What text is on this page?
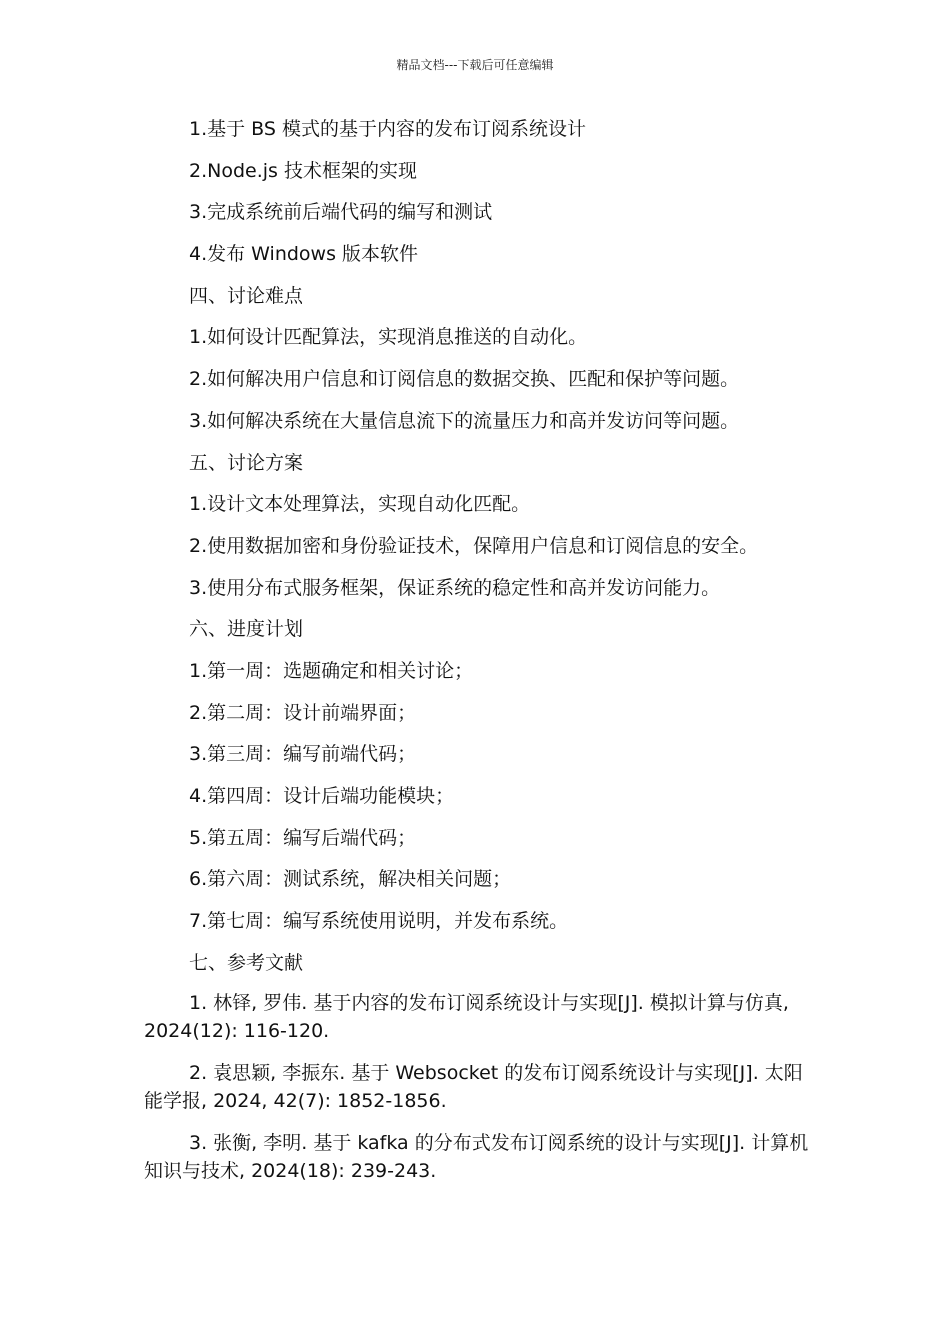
精品文档---下载后可任意编辑
1.基于 BS 模式的基于内容的发布订阅系统设计
2.Node.js 技术框架的实现
3.完成系统前后端代码的编写和测试
4.发布 Windows 版本软件
四、讨论难点
1.如何设计匹配算法，实现消息推送的自动化。
2.如何解决用户信息和订阅信息的数据交换、匹配和保护等问题。
3.如何解决系统在大量信息流下的流量压力和高并发访问等问题。
五、讨论方案
1.设计文本处理算法，实现自动化匹配。
2.使用数据加密和身份验证技术，保障用户信息和订阅信息的安全。
3.使用分布式服务框架，保证系统的稳定性和高并发访问能力。
六、进度计划
1.第一周：选题确定和相关讨论；
2.第二周：设计前端界面；
3.第三周：编写前端代码；
4.第四周：设计后端功能模块；
5.第五周：编写后端代码；
6.第六周：测试系统，解决相关问题；
7.第七周：编写系统使用说明，并发布系统。
七、参考文献
1. 林铎, 罗伟. 基于内容的发布订阅系统设计与实现[J]. 模拟计算与仿真, 2024(12): 116-120.
2. 袁思颖, 李振东. 基于 Websocket 的发布订阅系统设计与实现[J]. 太阳能学报, 2024, 42(7): 1852-1856.
3. 张衡, 李明. 基于 kafka 的分布式发布订阅系统的设计与实现[J]. 计算机知识与技术, 2024(18): 239-243.
